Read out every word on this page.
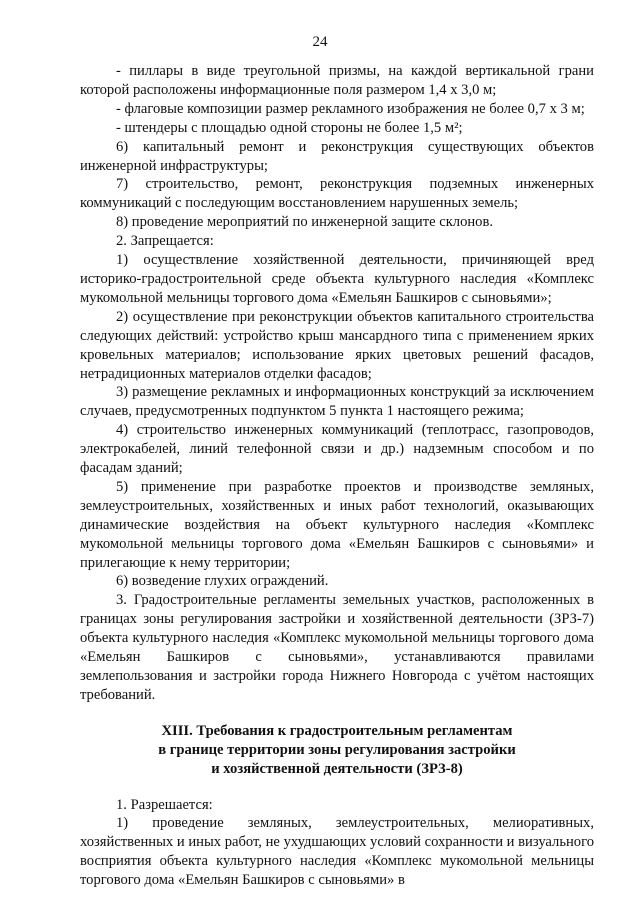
24

- пиллары в виде треугольной призмы, на каждой вертикальной грани которой расположены информационные поля размером 1,4 х 3,0 м;

- флаговые композиции размер рекламного изображения не более 0,7 х 3 м;

- штендеры с площадью одной стороны не более 1,5 м²;

6) капитальный ремонт и реконструкция существующих объектов инженерной инфраструктуры;

7) строительство, ремонт, реконструкция подземных инженерных коммуникаций с последующим восстановлением нарушенных земель;

8) проведение мероприятий по инженерной защите склонов.

2. Запрещается:

1) осуществление хозяйственной деятельности, причиняющей вред историко-градостроительной среде объекта культурного наследия «Комплекс мукомольной мельницы торгового дома «Емельян Башкиров с сыновьями»;

2) осуществление при реконструкции объектов капитального строительства следующих действий: устройство крыш мансардного типа с применением ярких кровельных материалов; использование ярких цветовых решений фасадов, нетрадиционных материалов отделки фасадов;

3) размещение рекламных и информационных конструкций за исключением случаев, предусмотренных подпунктом 5 пункта 1 настоящего режима;

4) строительство инженерных коммуникаций (теплотрасс, газопроводов, электрокабелей, линий телефонной связи и др.) надземным способом и по фасадам зданий;

5) применение при разработке проектов и производстве земляных, землеустроительных, хозяйственных и иных работ технологий, оказывающих динамические воздействия на объект культурного наследия «Комплекс мукомольной мельницы торгового дома «Емельян Башкиров с сыновьями» и прилегающие к нему территории;

6) возведение глухих ограждений.

3. Градостроительные регламенты земельных участков, расположенных в границах зоны регулирования застройки и хозяйственной деятельности (ЗРЗ-7) объекта культурного наследия «Комплекс мукомольной мельницы торгового дома «Емельян Башкиров с сыновьями», устанавливаются правилами землепользования и застройки города Нижнего Новгорода с учётом настоящих требований.

XIII. Требования к градостроительным регламентам
в границе территории зоны регулирования застройки
и хозяйственной деятельности (ЗРЗ-8)

1. Разрешается:

1) проведение земляных, землеустроительных, мелиоративных, хозяйственных и иных работ, не ухудшающих условий сохранности и визуального восприятия объекта культурного наследия «Комплекс мукомольной мельницы торгового дома «Емельян Башкиров с сыновьями» в
